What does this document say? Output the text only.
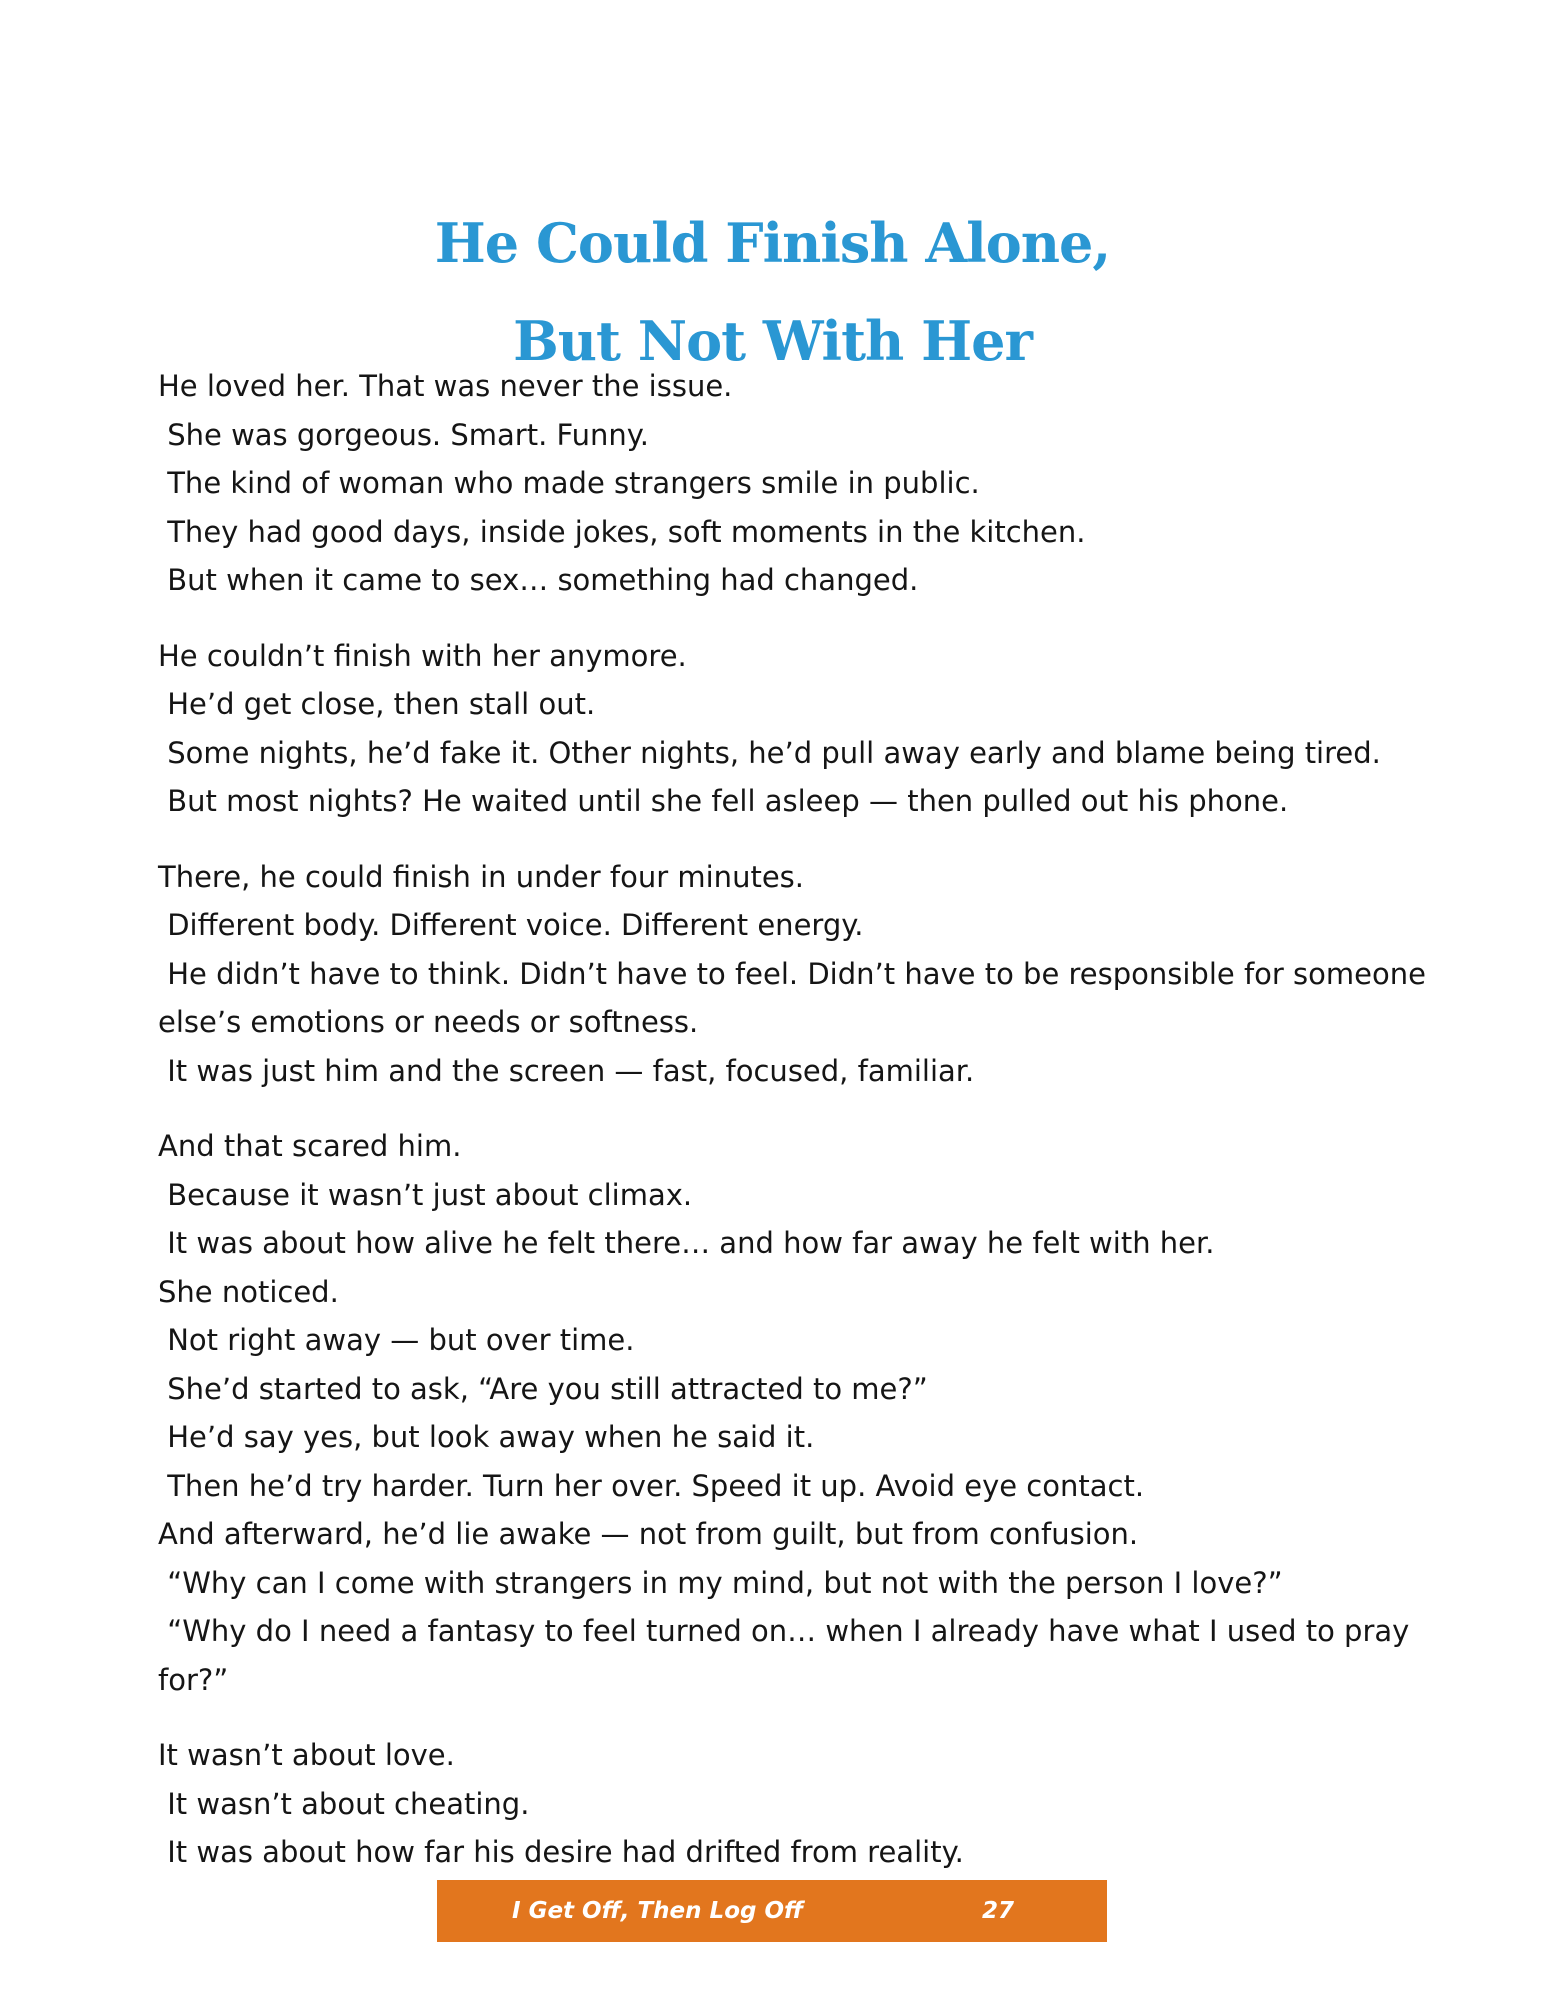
He Could Finish Alone,
But Not With Her
He loved her. That was never the issue.
She was gorgeous. Smart. Funny.
The kind of woman who made strangers smile in public.
They had good days, inside jokes, soft moments in the kitchen.
But when it came to sex… something had changed.
He couldn’t finish with her anymore.
He’d get close, then stall out.
Some nights, he’d fake it. Other nights, he’d pull away early and blame being tired.
But most nights? He waited until she fell asleep — then pulled out his phone.
There, he could finish in under four minutes.
Different body. Different voice. Different energy.
He didn’t have to think. Didn’t have to feel. Didn’t have to be responsible for someone
else’s emotions or needs or softness.
It was just him and the screen — fast, focused, familiar.
And that scared him.
Because it wasn’t just about climax.
It was about how alive he felt there… and how far away he felt with her.
She noticed.
Not right away — but over time.
She’d started to ask, “Are you still attracted to me?”
He’d say yes, but look away when he said it.
Then he’d try harder. Turn her over. Speed it up. Avoid eye contact.
And afterward, he’d lie awake — not from guilt, but from confusion.
“Why can I come with strangers in my mind, but not with the person I love?”
“Why do I need a fantasy to feel turned on… when I already have what I used to pray
for?”
It wasn’t about love.
It wasn’t about cheating.
It was about how far his desire had drifted from reality.
I Get Off, Then Log Off	27
